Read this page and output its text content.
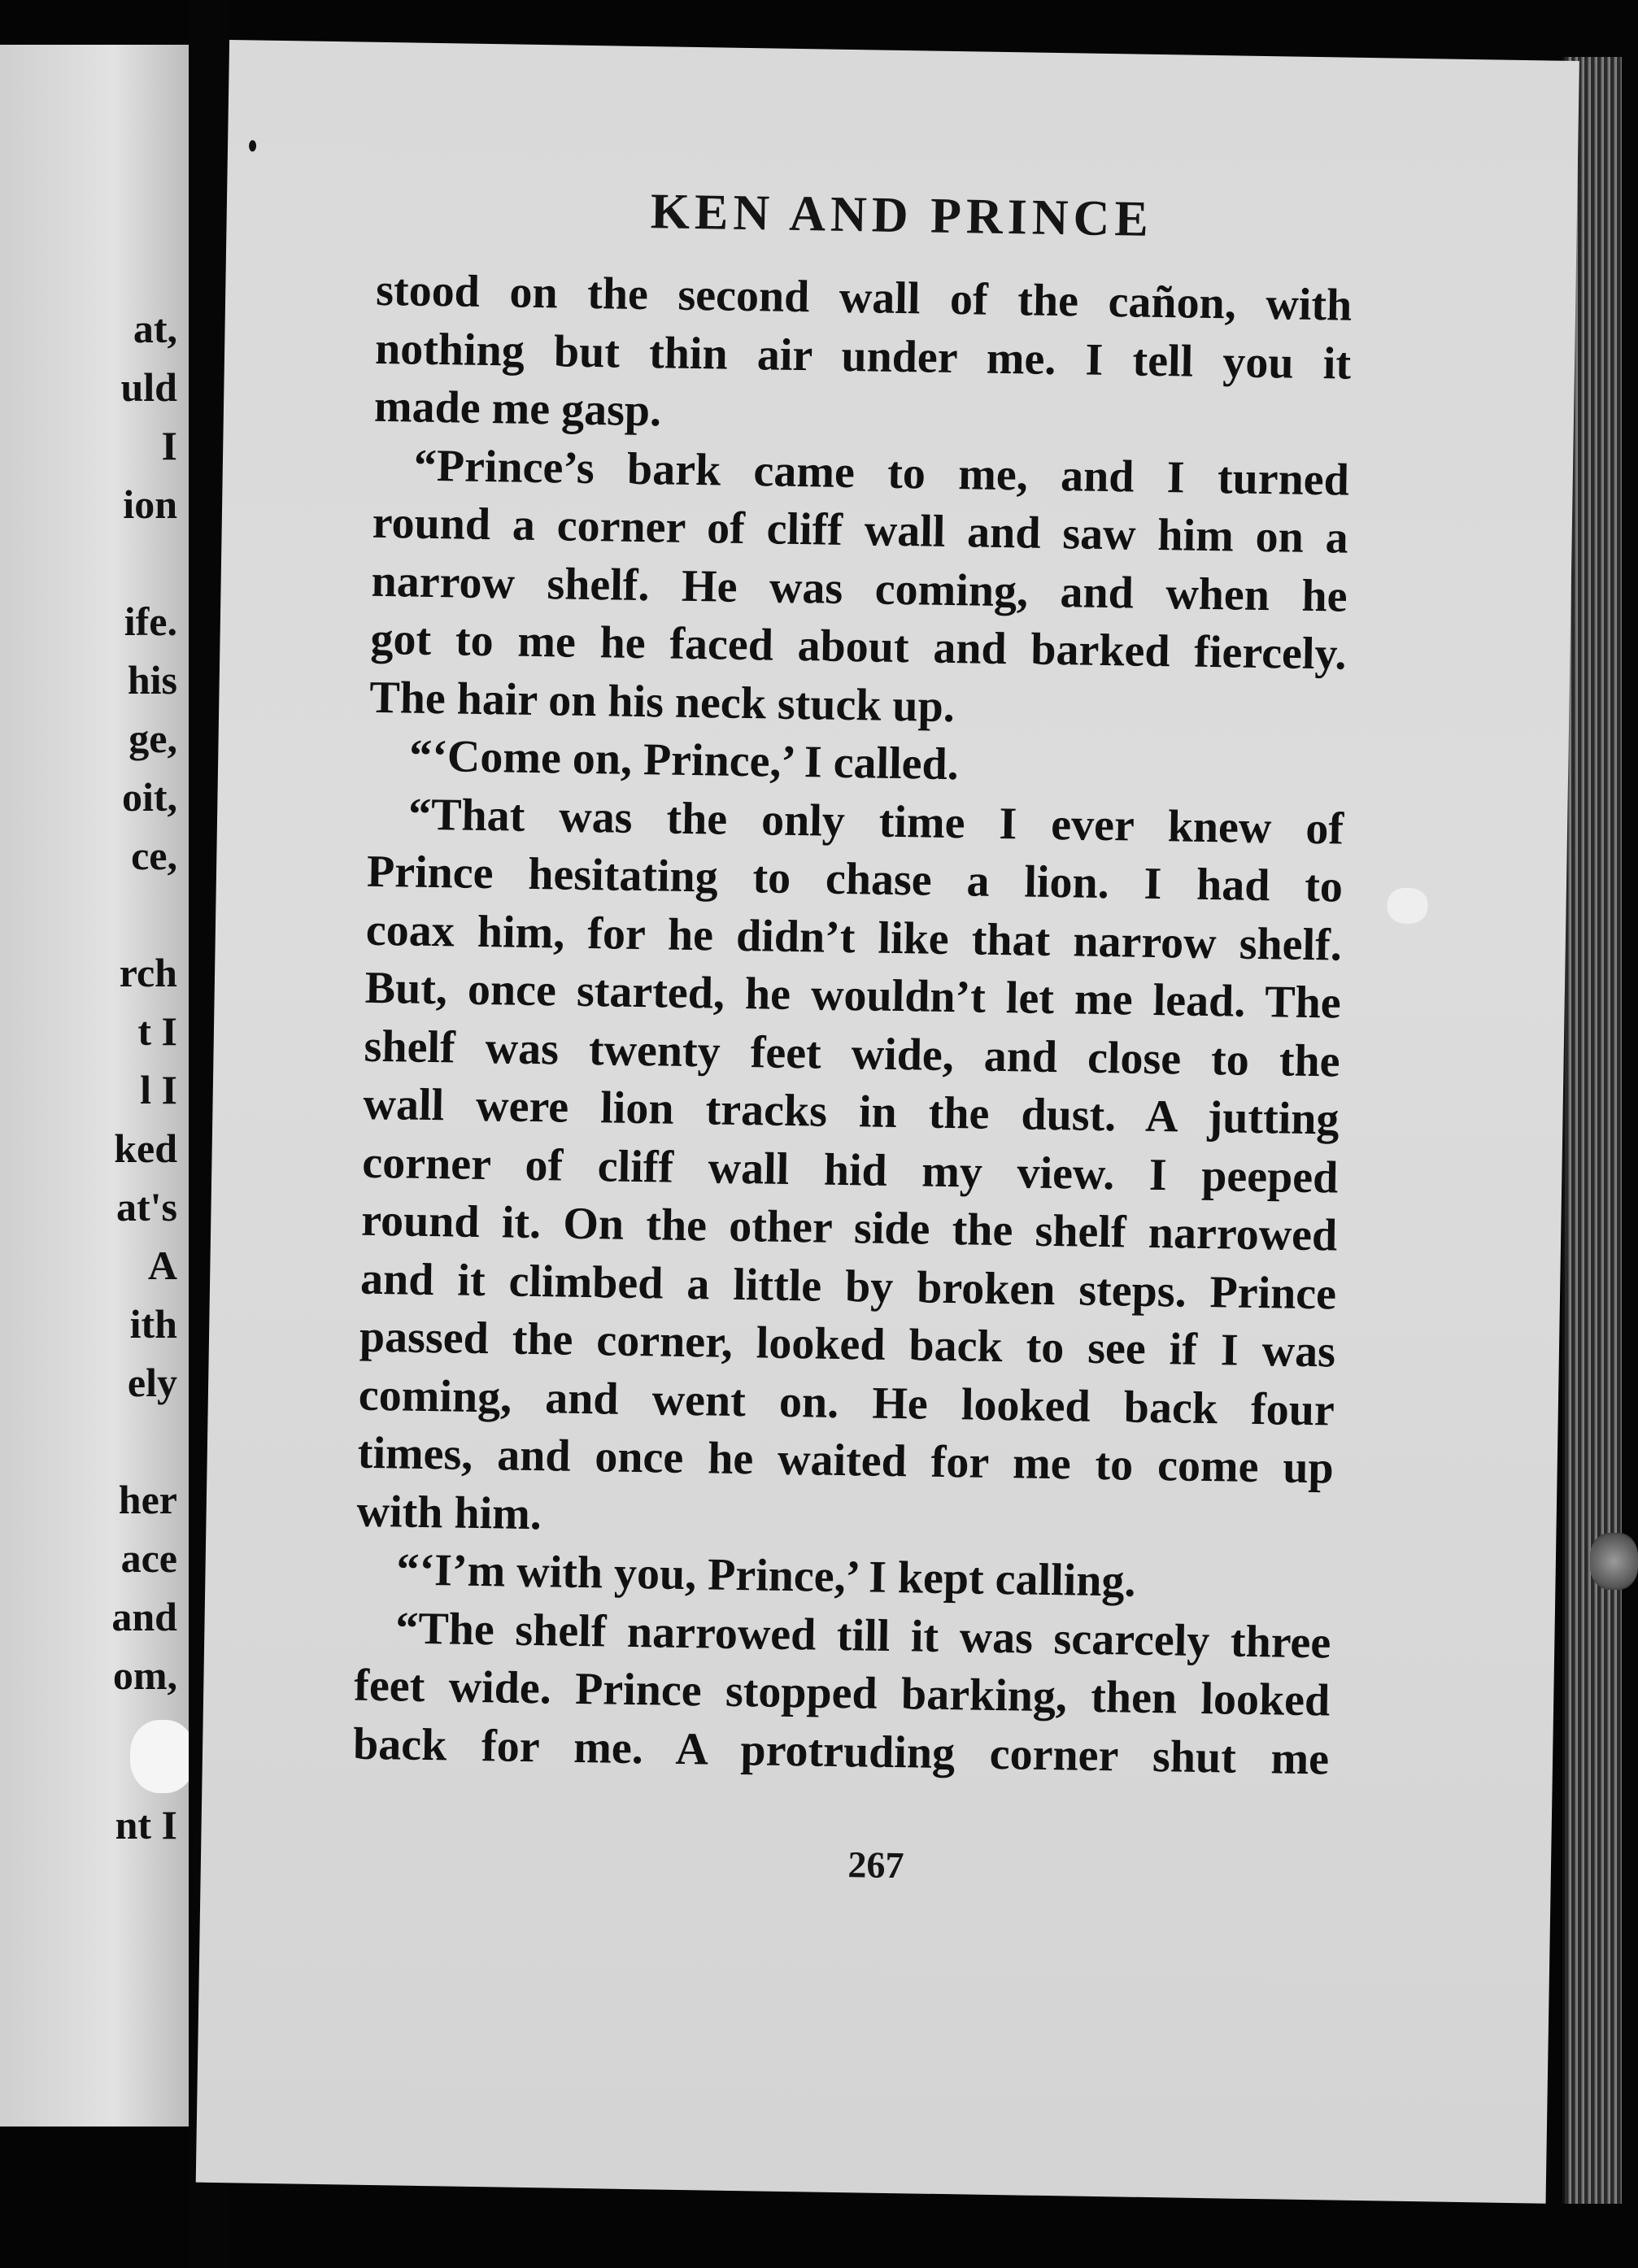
at,
uld
I
ion
ife.
his
ge,
oit,
ce,
rch
t I
l I
ked
at's
A
ith
ely
her
ace
and
om,
nt I
KEN AND PRINCE
stood on the second wall of the cañon, with
nothing but thin air under me. I tell you it
made me gasp.
“Prince’s bark came to me, and I turned
round a corner of cliff wall and saw him on a
narrow shelf. He was coming, and when he
got to me he faced about and barked fiercely.
The hair on his neck stuck up.
“‘Come on, Prince,’ I called.
“That was the only time I ever knew of
Prince hesitating to chase a lion. I had to
coax him, for he didn’t like that narrow shelf.
But, once started, he wouldn’t let me lead. The
shelf was twenty feet wide, and close to the
wall were lion tracks in the dust. A jutting
corner of cliff wall hid my view. I peeped
round it. On the other side the shelf narrowed
and it climbed a little by broken steps. Prince
passed the corner, looked back to see if I was
coming, and went on. He looked back four
times, and once he waited for me to come up
with him.
“‘I’m with you, Prince,’ I kept calling.
“The shelf narrowed till it was scarcely three
feet wide. Prince stopped barking, then looked
back for me. A protruding corner shut me
267
